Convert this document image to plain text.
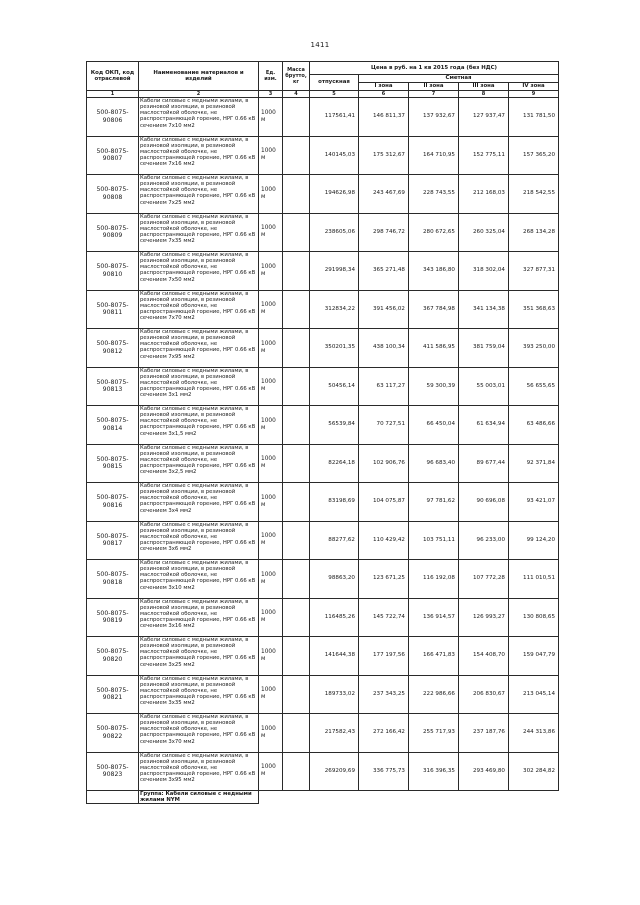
1411
Код ОКП, код отраслевой	Наименование материалов и изделий	Ед. изм.	Масса брутто, кг	Цена в руб. на 1 кв 2015 года (без НДС)				
				отпускная	Сметная			
					I зона	II зона	III зона	IV зона
1	2	3	4	5	6	7	8	9
500-8075-90806	Кабели силовые с медными жилами, в резиновой изоляции, в резиновой маслостойкой оболочке, не распространяющей горение, НРГ 0.66 кВ сечением 7х10 мм2	1000 м		117561,41	146 811,37	137 932,67	127 937,47	131 781,50
500-8075-90807	Кабели силовые с медными жилами, в резиновой изоляции, в резиновой маслостойкой оболочке, не распространяющей горение, НРГ 0.66 кВ сечением 7х16 мм2	1000 м		140145,03	175 312,67	164 710,95	152 775,11	157 365,20
500-8075-90808	Кабели силовые с медными жилами, в резиновой изоляции, в резиновой маслостойкой оболочке, не распространяющей горение, НРГ 0.66 кВ сечением 7х25 мм2	1000 м		194626,98	243 467,69	228 743,55	212 168,03	218 542,55
500-8075-90809	Кабели силовые с медными жилами, в резиновой изоляции, в резиновой маслостойкой оболочке, не распространяющей горение, НРГ 0.66 кВ сечением 7х35 мм2	1000 м		238605,06	298 746,72	280 672,65	260 325,04	268 134,28
500-8075-90810	Кабели силовые с медными жилами, в резиновой изоляции, в резиновой маслостойкой оболочке, не распространяющей горение, НРГ 0.66 кВ сечением 7х50 мм2	1000 м		291998,34	365 271,48	343 186,80	318 302,04	327 877,31
500-8075-90811	Кабели силовые с медными жилами, в резиновой изоляции, в резиновой маслостойкой оболочке, не распространяющей горение, НРГ 0.66 кВ сечением 7х70 мм2	1000 м		312834,22	391 456,02	367 784,98	341 134,38	351 368,63
500-8075-90812	Кабели силовые с медными жилами, в резиновой изоляции, в резиновой маслостойкой оболочке, не распространяющей горение, НРГ 0.66 кВ сечением 7х95 мм2	1000 м		350201,35	438 100,34	411 586,95	381 759,04	393 250,00
500-8075-90813	Кабели силовые с медными жилами, в резиновой изоляции, в резиновой маслостойкой оболочке, не распространяющей горение, НРГ 0.66 кВ сечением 3х1 мм2	1000 м		50456,14	63 117,27	59 300,39	55 003,01	56 655,65
500-8075-90814	Кабели силовые с медными жилами, в резиновой изоляции, в резиновой маслостойкой оболочке, не распространяющей горение, НРГ 0.66 кВ сечением 3х1,5 мм2	1000 м		56539,84	70 727,51	66 450,04	61 634,94	63 486,66
500-8075-90815	Кабели силовые с медными жилами, в резиновой изоляции, в резиновой маслостойкой оболочке, не распространяющей горение, НРГ 0.66 кВ сечением 3х2,5 мм2	1000 м		82264,18	102 906,76	96 683,40	89 677,44	92 371,84
500-8075-90816	Кабели силовые с медными жилами, в резиновой изоляции, в резиновой маслостойкой оболочке, не распространяющей горение, НРГ 0.66 кВ сечением 3х4 мм2	1000 м		83198,69	104 075,87	97 781,62	90 696,08	93 421,07
500-8075-90817	Кабели силовые с медными жилами, в резиновой изоляции, в резиновой маслостойкой оболочке, не распространяющей горение, НРГ 0.66 кВ сечением 3х6 мм2	1000 м		88277,62	110 429,42	103 751,11	96 233,00	99 124,20
500-8075-90818	Кабели силовые с медными жилами, в резиновой изоляции, в резиновой маслостойкой оболочке, не распространяющей горение, НРГ 0.66 кВ сечением 3х10 мм2	1000 м		98863,20	123 671,25	116 192,08	107 772,28	111 010,51
500-8075-90819	Кабели силовые с медными жилами, в резиновой изоляции, в резиновой маслостойкой оболочке, не распространяющей горение, НРГ 0.66 кВ сечением 3х16 мм2	1000 м		116485,26	145 722,74	136 914,57	126 993,27	130 808,65
500-8075-90820	Кабели силовые с медными жилами, в резиновой изоляции, в резиновой маслостойкой оболочке, не распространяющей горение, НРГ 0.66 кВ сечением 3х25 мм2	1000 м		141644,38	177 197,56	166 471,83	154 408,70	159 047,79
500-8075-90821	Кабели силовые с медными жилами, в резиновой изоляции, в резиновой маслостойкой оболочке, не распространяющей горение, НРГ 0.66 кВ сечением 3х35 мм2	1000 м		189733,02	237 343,25	222 986,66	206 830,67	213 045,14
500-8075-90822	Кабели силовые с медными жилами, в резиновой изоляции, в резиновой маслостойкой оболочке, не распространяющей горение, НРГ 0.66 кВ сечением 3х70 мм2	1000 м		217582,43	272 166,42	255 717,93	237 187,76	244 313,86
500-8075-90823	Кабели силовые с медными жилами, в резиновой изоляции, в резиновой маслостойкой оболочке, не распространяющей горение, НРГ 0.66 кВ сечением 3х95 мм2	1000 м		269209,69	336 775,73	316 396,35	293 469,80	302 284,82
	Группа: Кабели силовые с медными жилами NYM							
